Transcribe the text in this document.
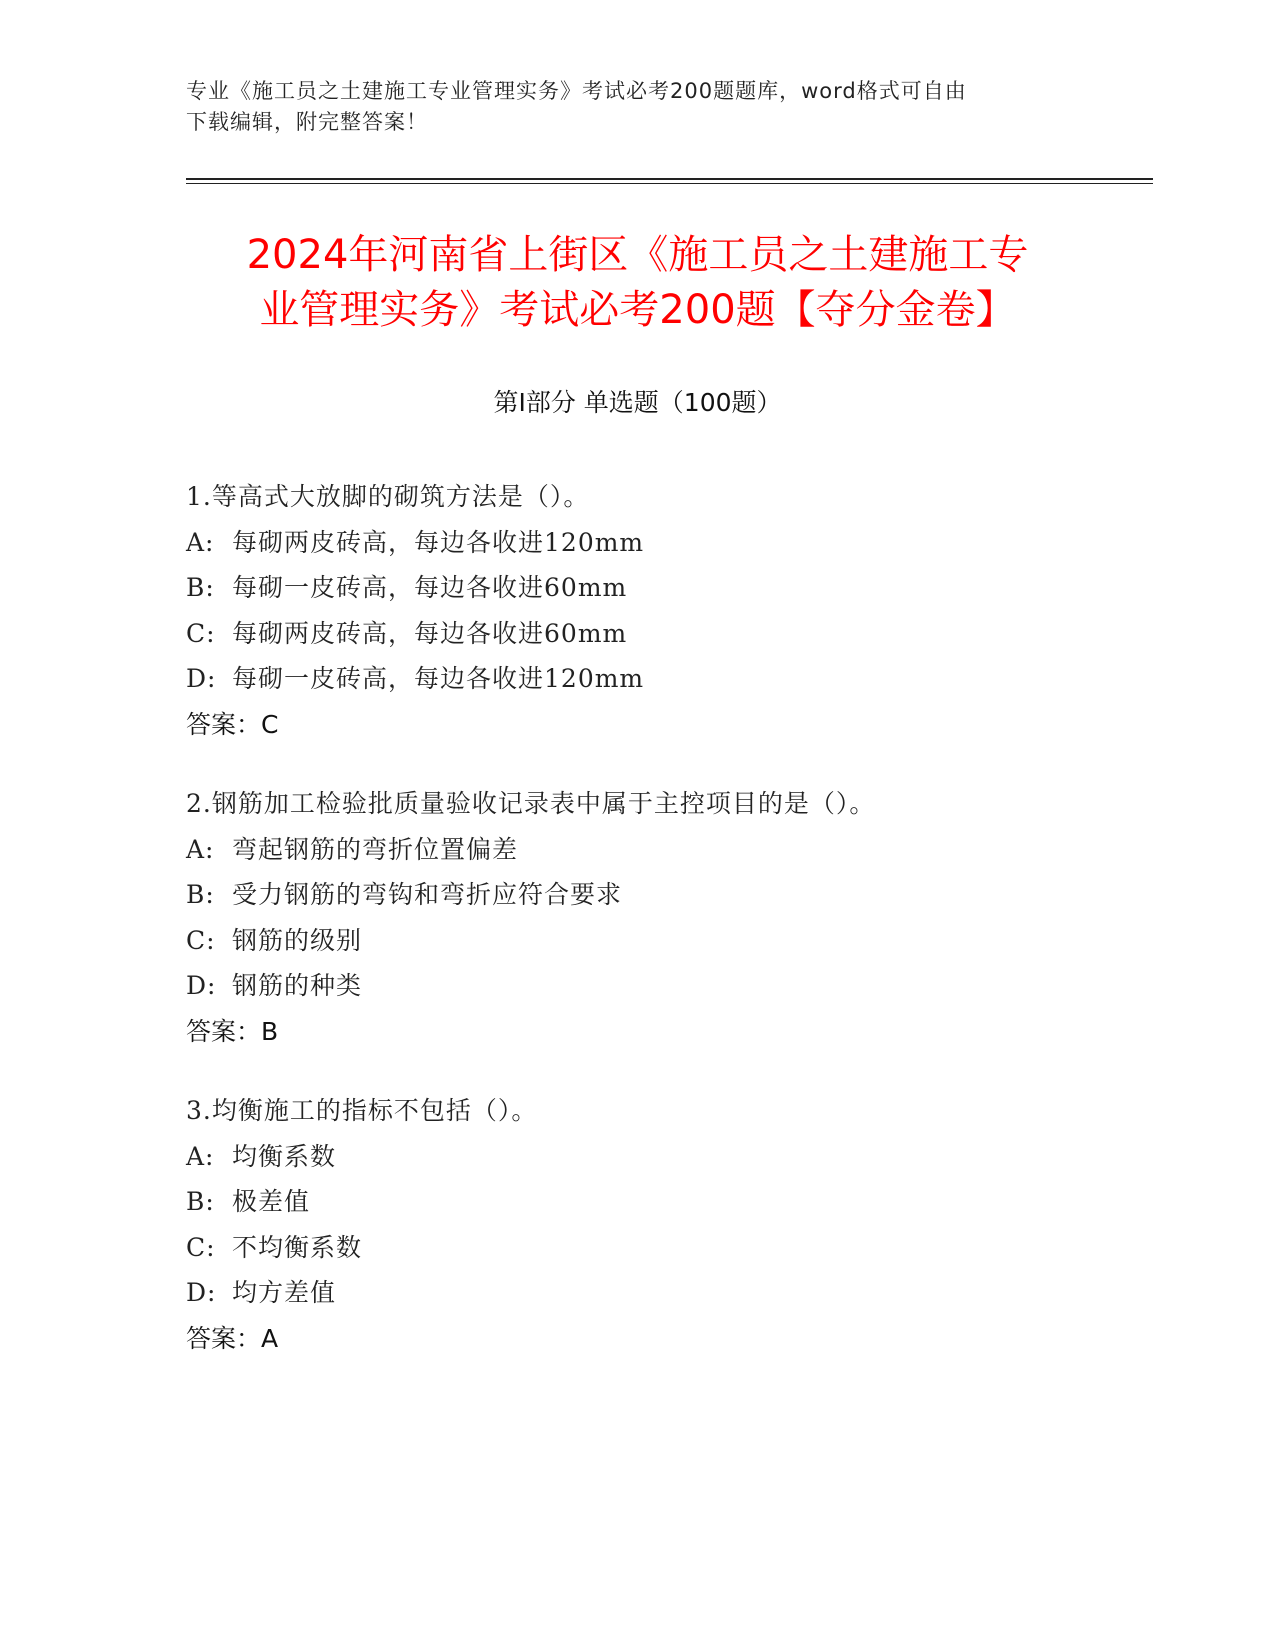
专业《施工员之土建施工专业管理实务》考试必考200题题库，word格式可自由
下载编辑，附完整答案！
2024年河南省上街区《施工员之土建施工专
业管理实务》考试必考200题【夺分金卷】
第I部分 单选题（100题）
1.等高式大放脚的砌筑方法是（）。
A: 每砌两皮砖高，每边各收进120mm
B: 每砌一皮砖高，每边各收进60mm
C: 每砌两皮砖高，每边各收进60mm
D: 每砌一皮砖高，每边各收进120mm
答案：C
2.钢筋加工检验批质量验收记录表中属于主控项目的是（）。
A: 弯起钢筋的弯折位置偏差
B: 受力钢筋的弯钩和弯折应符合要求
C: 钢筋的级别
D: 钢筋的种类
答案：B
3.均衡施工的指标不包括（）。
A: 均衡系数
B: 极差值
C: 不均衡系数
D: 均方差值
答案：A
